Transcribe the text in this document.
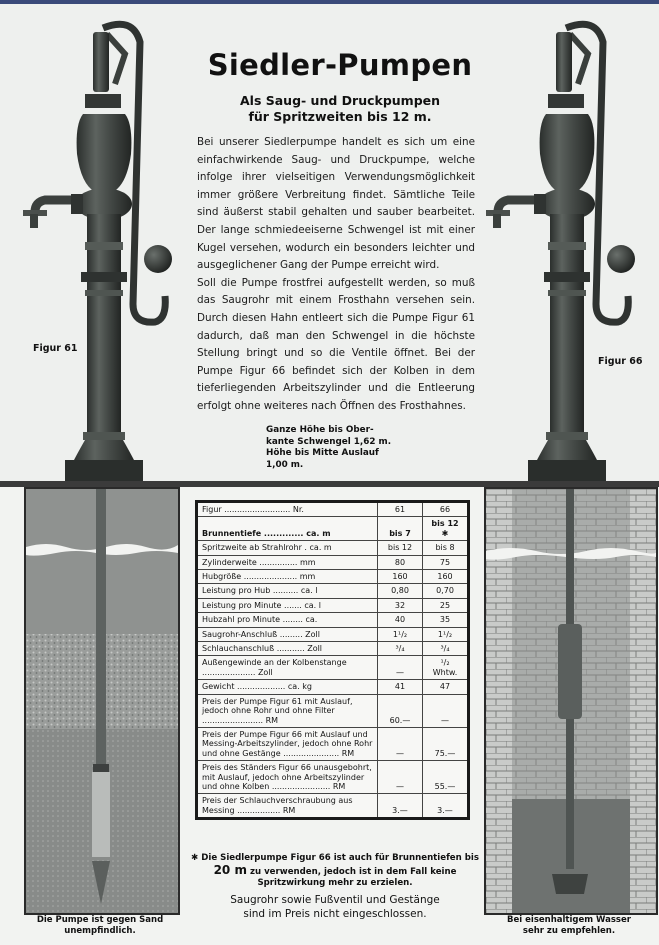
Figur 61
Figur 66
Siedler-Pumpen
Als Saug- und Druckpumpen
für Spritzweiten bis 12 m.

Bei unserer Siedlerpumpe handelt es sich um eine einfachwirkende Saug- und Druckpumpe, welche infolge ihrer vielseitigen Verwendungsmöglichkeit immer größere Verbreitung findet. Sämtliche Teile sind äußerst stabil gehalten und sauber bearbeitet. Der lange schmiedeeiserne Schwengel ist mit einer Kugel versehen, wodurch ein besonders leichter und ausgeglichener Gang der Pumpe erreicht wird.

Soll die Pumpe frostfrei aufgestellt werden, so muß das Saugrohr mit einem Frosthahn versehen sein. Durch diesen Hahn entleert sich die Pumpe Figur 61 dadurch, daß man den Schwengel in die höchste Stellung bringt und so die Ventile öffnet. Bei der Pumpe Figur 66 befindet sich der Kolben in dem tieferliegenden Arbeitszylinder und die Entleerung erfolgt ohne weiteres nach Öffnen des Frosthahnes.

Ganze Höhe bis Ober-
kante Schwengel 1,62 m.
Höhe bis Mitte Auslauf
1,00 m.
Figur .......................... Nr.	61	66
Brunnentiefe ............. ca. m	bis 7	bis 12 ✱
Spritzweite ab Strahlrohr . ca. m	bis 12	bis 8
Zylinderweite ............... mm	80	75
Hubgröße ..................... mm	160	160
Leistung pro Hub .......... ca. l	0,80	0,70
Leistung pro Minute ....... ca. l	32	25
Hubzahl pro Minute ........ ca.	40	35
Saugrohr-Anschluß ......... Zoll	1¹/₂	1¹/₂
Schlauchanschluß ........... Zoll	³/₄	³/₄
Außengewinde an der Kolbenstange ..................... Zoll	—	¹/₂ Whtw.
Gewicht ................... ca. kg	41	47
Preis der Pumpe Figur 61 mit Auslauf, jedoch ohne Rohr und ohne Filter ........................ RM	60.—	—
Preis der Pumpe Figur 66 mit Auslauf und Messing-Arbeitszylinder, jedoch ohne Rohr und ohne Gestänge ...................... RM	—	75.—
Preis des Ständers Figur 66 unausgebohrt, mit Auslauf, jedoch ohne Arbeitszylinder und ohne Kolben ....................... RM	—	55.—
Preis der Schlauchverschraubung aus Messing ................. RM	3.—	3.—
✱ Die Siedlerpumpe Figur 66 ist auch für Brunnentiefen bis 20 m zu verwenden, jedoch ist in dem Fall keine Spritzwirkung mehr zu erzielen.
Saugrohr sowie Fußventil und Gestänge
sind im Preis nicht eingeschlossen.
Die Pumpe ist gegen Sand
unempfindlich.
Bei eisenhaltigem Wasser
sehr zu empfehlen.
